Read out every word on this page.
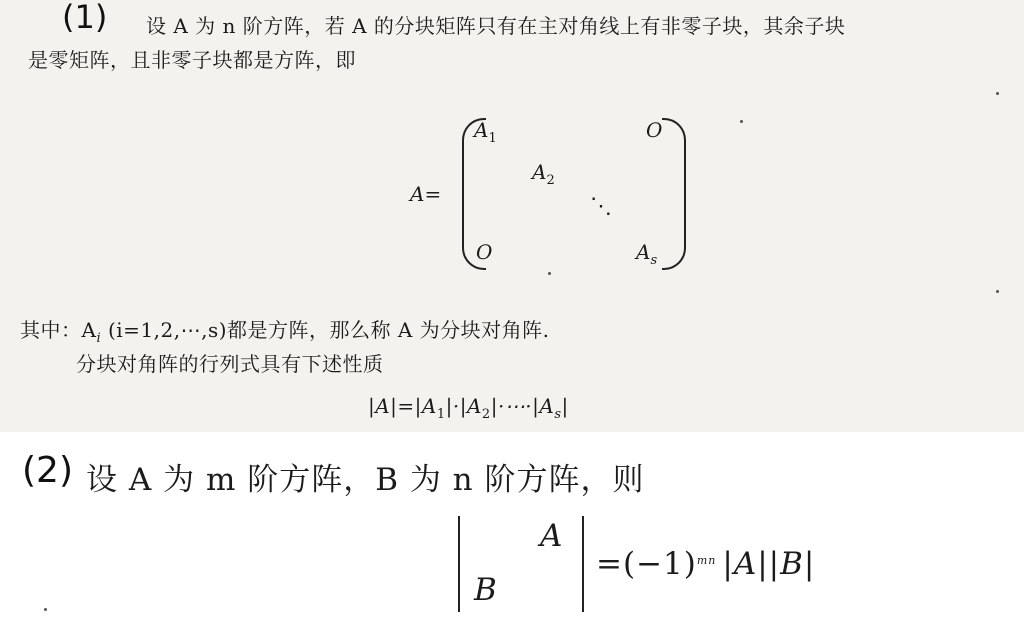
(1) 设 A 为 n 阶方阵，若 A 的分块矩阵只有在主对角线上有非零子块，其余子块
是零矩阵，且非零子块都是方阵，即
A=
$A_1$	O
$A_2$
⋱
O	$A_s$
其中：$A_i$ (i=1,2,⋯,s)都是方阵，那么称 A 为分块对角阵.
分块对角阵的行列式具有下述性质
$|A|=|A_1|\cdot|A_2|\cdot\cdots\cdot|A_s|$
(2) 设 A 为 m 阶方阵，B 为 n 阶方阵，则
A
B
$=(-1)^{mn}$ |A||B|
